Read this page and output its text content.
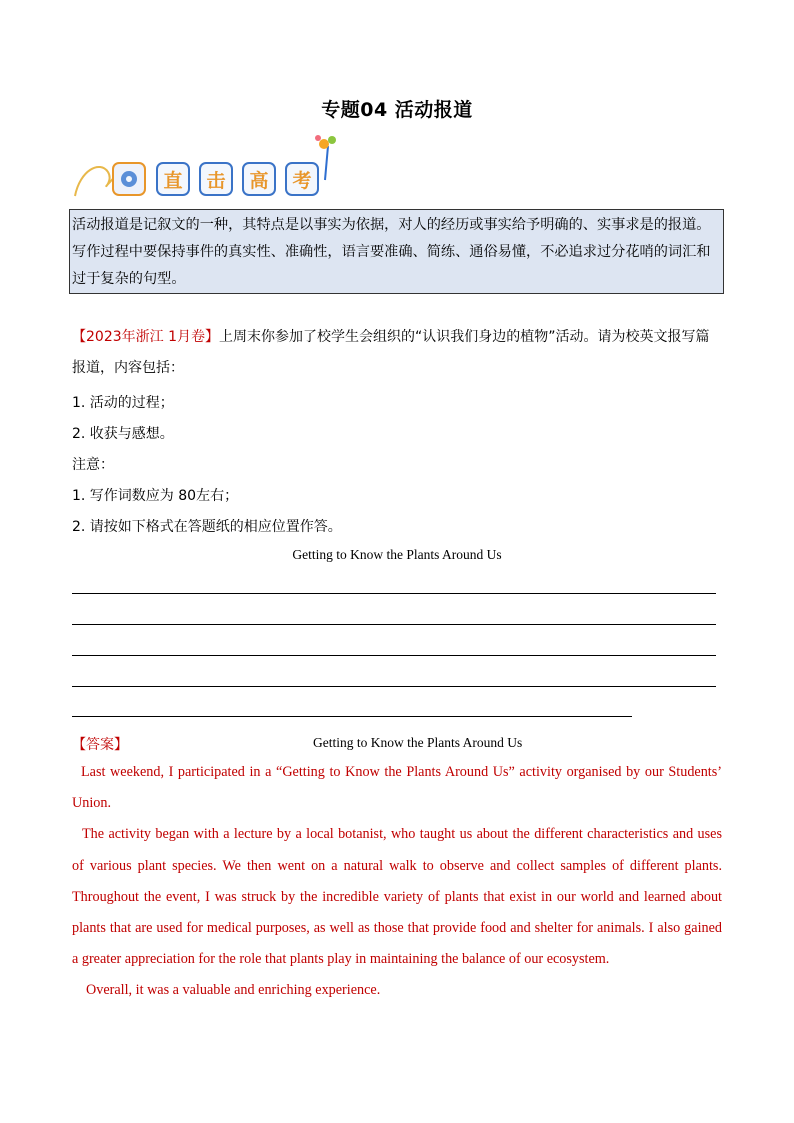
专题04 活动报道
直	击	高	考
活动报道是记叙文的一种，其特点是以事实为依据，对人的经历或事实给予明确的、实事求是的报道。写作过程中要保持事件的真实性、准确性，语言要准确、简练、通俗易懂，不必追求过分花哨的词汇和过于复杂的句型。
【2023年浙江 1月卷】上周末你参加了校学生会组织的“认识我们身边的植物”活动。请为校英文报写篇报道，内容包括：
1. 活动的过程；
2. 收获与感想。
注意：
1. 写作词数应为 80左右；
2. 请按如下格式在答题纸的相应位置作答。
Getting to Know the Plants Around Us
【答案】	Getting to Know the Plants Around Us

Last weekend, I participated in a “Getting to Know the Plants Around Us” activity organised by our Students’ Union.

The activity began with a lecture by a local botanist, who taught us about the different characteristics and uses of various plant species. We then went on a natural walk to observe and collect samples of different plants. Throughout the event, I was struck by the incredible variety of plants that exist in our world and learned about plants that are used for medical purposes, as well as those that provide food and shelter for animals. I also gained a greater appreciation for the role that plants play in maintaining the balance of our ecosystem.

Overall, it was a valuable and enriching experience.
